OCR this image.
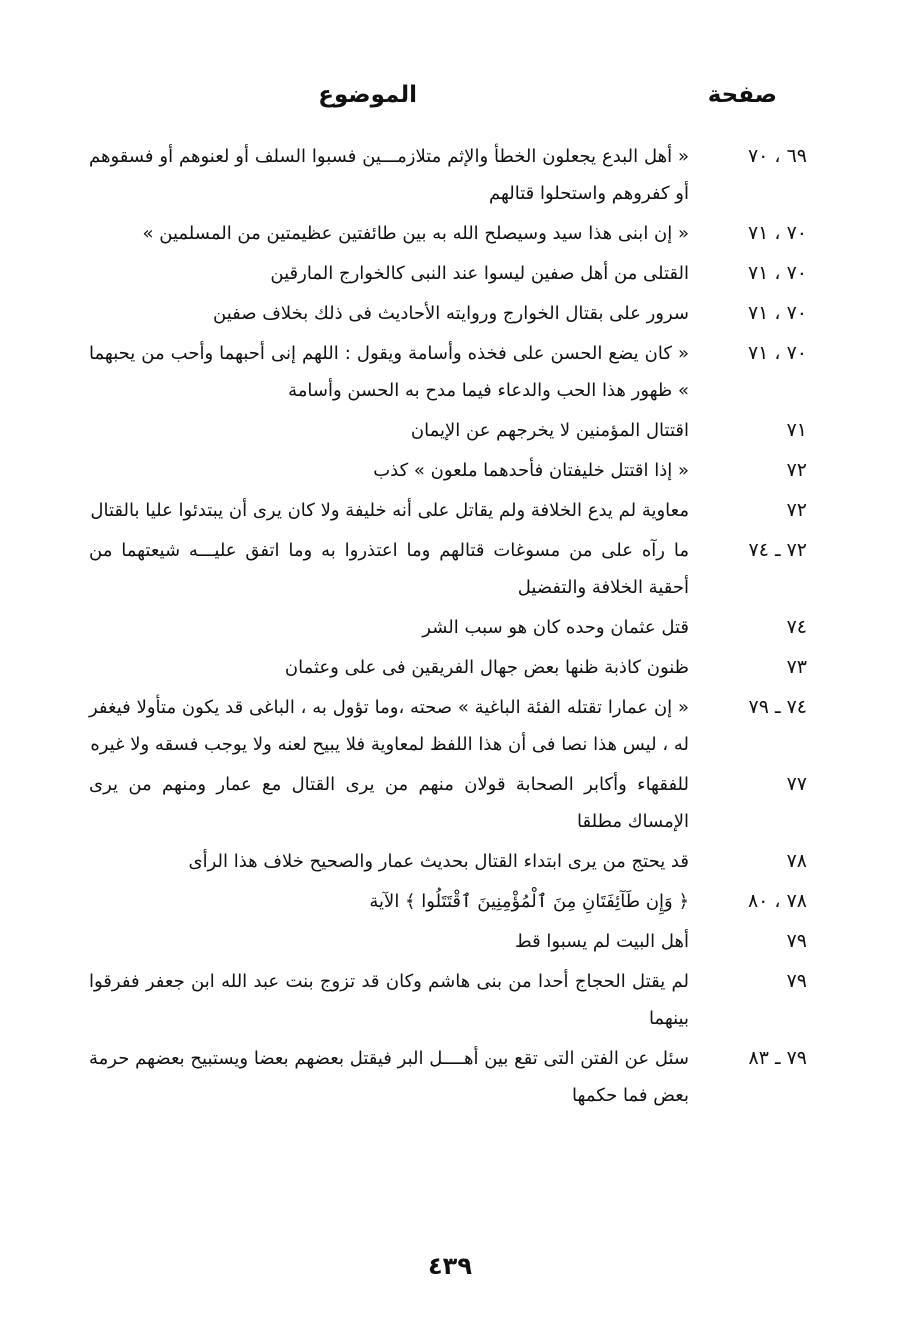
صفحة
الموضوع
٦٩ ، ٧٠
« أهل البدع يجعلون الخطأ والإثم متلازمـــين فسبوا السلف أو لعنوهم أو فسقوهم أو كفروهم واستحلوا قتالهم
٧٠ ، ٧١
« إن ابنى هذا سيد وسيصلح الله به بين طائفتين عظيمتين من المسلمين »
٧٠ ، ٧١
القتلى من أهل صفين ليسوا عند النبى كالخوارج المارقين
٧٠ ، ٧١
سرور على بقتال الخوارج وروايته الأحاديث فى ذلك بخلاف صفين
٧٠ ، ٧١
« كان يضع الحسن على فخذه وأسامة ويقول : اللهم إنى أحبهما وأحب من يحبهما » ظهور هذا الحب والدعاء فيما مدح به الحسن وأسامة
٧١
اقتتال المؤمنين لا يخرجهم عن الإيمان
٧٢
« إذا اقتتل خليفتان فأحدهما ملعون » كذب
٧٢
معاوية لم يدع الخلافة ولم يقاتل على أنه خليفة ولا كان يرى أن يبتدئوا عليا بالقتال
٧٢ ـ ٧٤
ما رآه على من مسوغات قتالهم وما اعتذروا به وما اتفق عليـــه شيعتهما من أحقية الخلافة والتفضيل
٧٤
قتل عثمان وحده كان هو سبب الشر
٧٣
ظنون كاذبة ظنها بعض جهال الفريقين فى على وعثمان
٧٤ ـ ٧٩
« إن عمارا تقتله الفئة الباغية » صحته ،وما تؤول به ، الباغى قد يكون متأولا فيغفر له ، ليس هذا نصا فى أن هذا اللفظ لمعاوية فلا يبيح لعنه ولا يوجب فسقه ولا غيره
٧٧
للفقهاء وأكابر الصحابة قولان منهم من يرى القتال مع عمار ومنهم من يرى الإمساك مطلقا
٧٨
قد يحتج من يرى ابتداء القتال بحديث عمار والصحيح خلاف هذا الرأى
٧٨ ، ٨٠
﴿ وَإِن طَآئِفَتَانِ مِنَ ٱلْمُؤْمِنِينَ ٱقْتَتَلُوا ﴾ الآية
٧٩
أهل البيت لم يسبوا قط
٧٩
لم يقتل الحجاج أحدا من بنى هاشم وكان قد تزوج بنت عبد الله ابن جعفر ففرقوا بينهما
٧٩ ـ ٨٣
سئل عن الفتن التى تقع بين أهــــل البر فيقتل بعضهم بعضا ويستبيح بعضهم حرمة بعض فما حكمها
٤٣٩
